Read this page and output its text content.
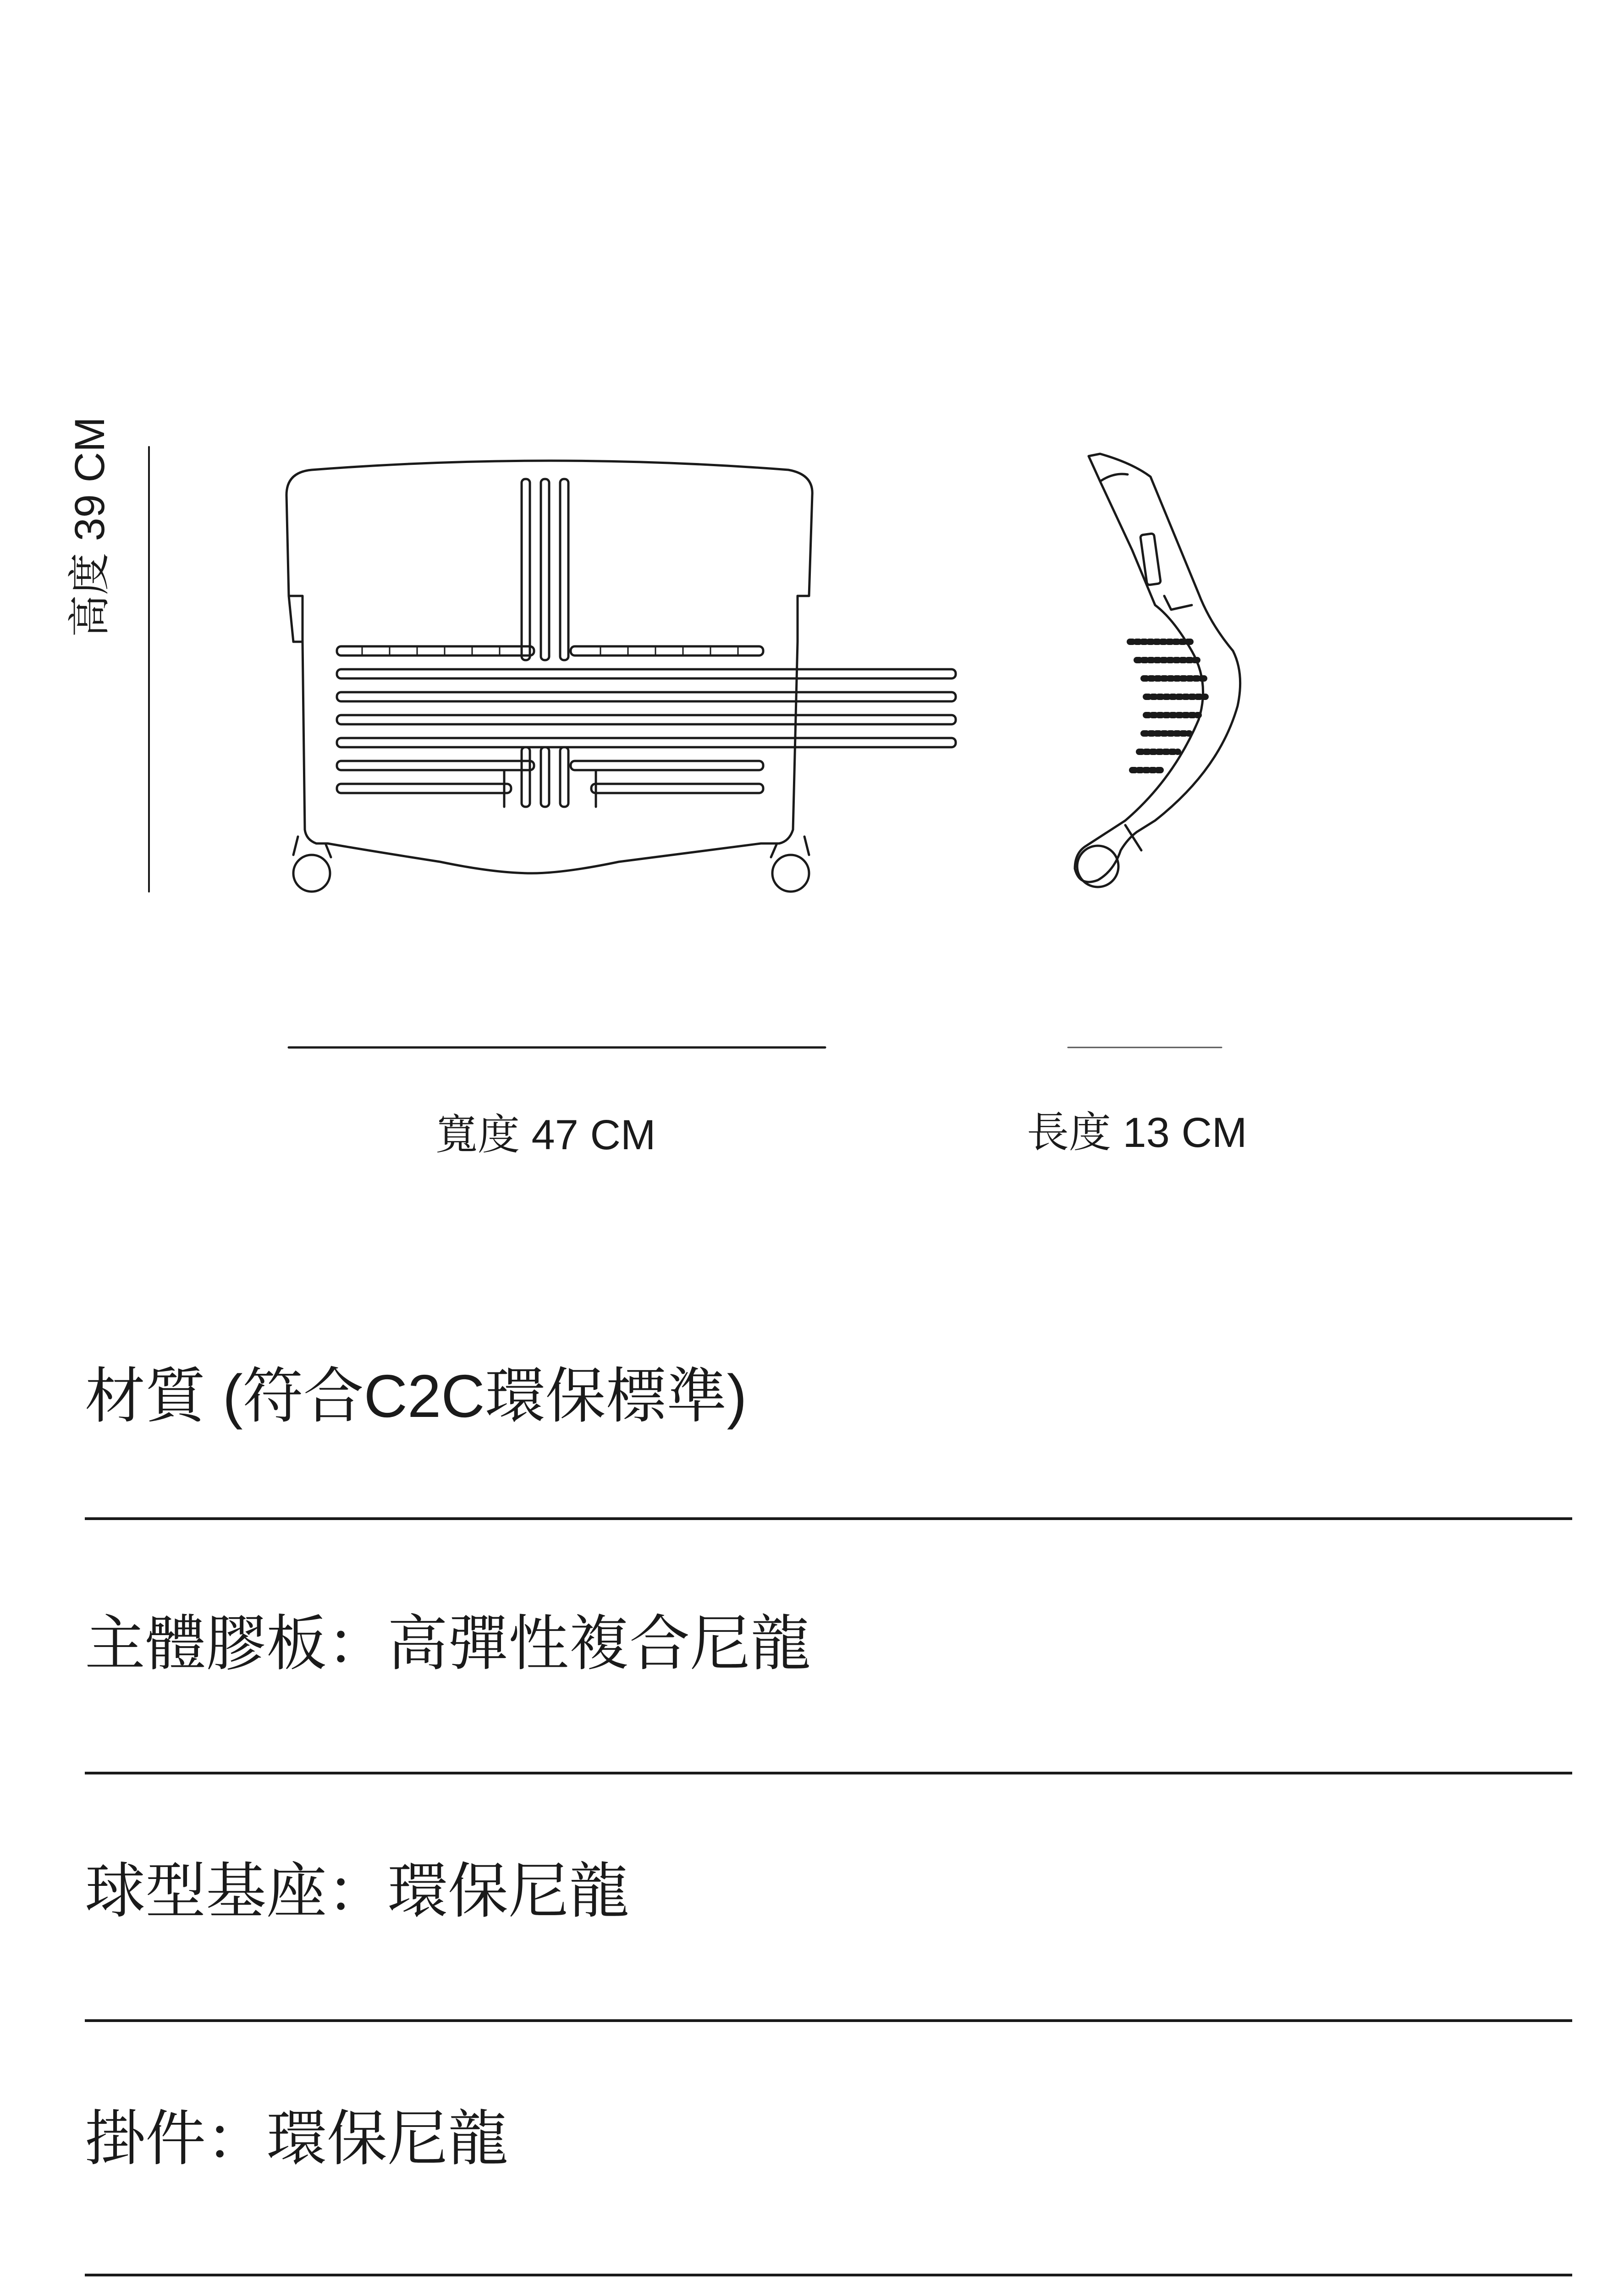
高度 39 CM
寬度 47 CM	長度 13 CM
材質 (符合C2C環保標準)
主體膠板：高彈性複合尼龍
球型基座：環保尼龍
掛件：環保尼龍
